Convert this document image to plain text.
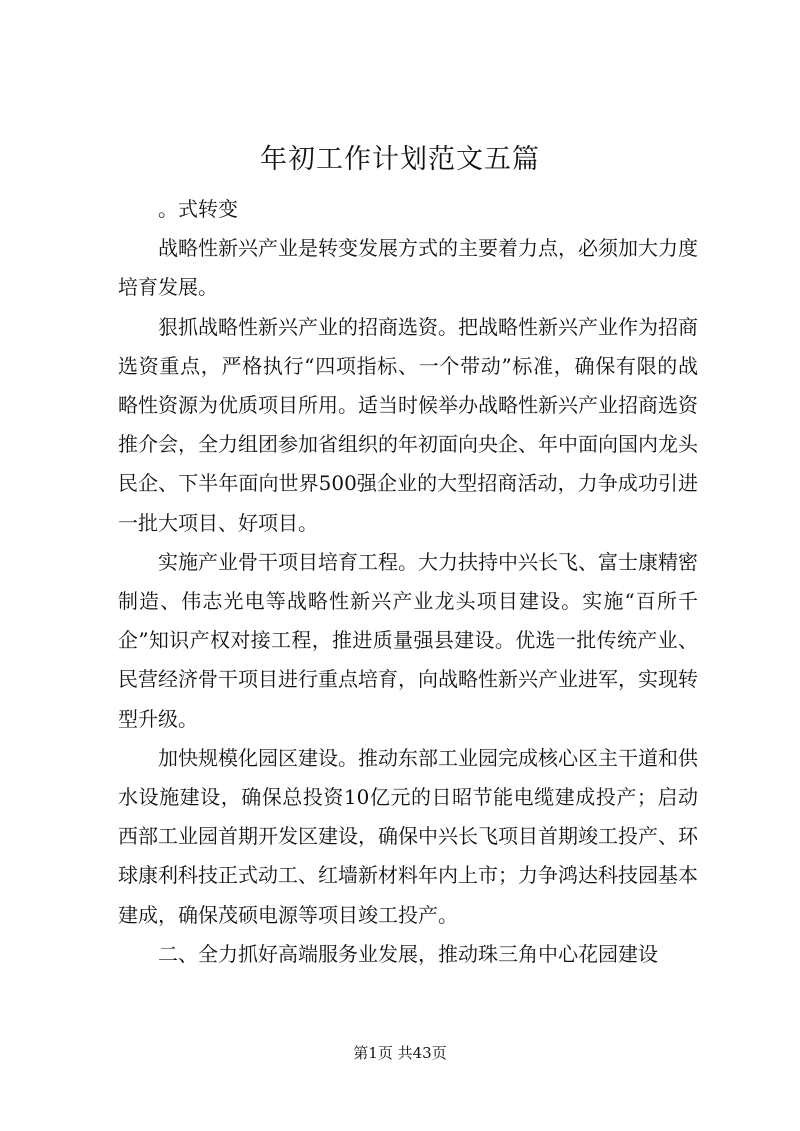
年初工作计划范文五篇

。式转变

战略性新兴产业是转变发展方式的主要着力点，必须加大力度培育发展。

狠抓战略性新兴产业的招商选资。把战略性新兴产业作为招商选资重点，严格执行“四项指标、一个带动”标准，确保有限的战略性资源为优质项目所用。适当时候举办战略性新兴产业招商选资推介会，全力组团参加省组织的年初面向央企、年中面向国内龙头民企、下半年面向世界500强企业的大型招商活动，力争成功引进一批大项目、好项目。

实施产业骨干项目培育工程。大力扶持中兴长飞、富士康精密制造、伟志光电等战略性新兴产业龙头项目建设。实施“百所千企”知识产权对接工程，推进质量强县建设。优选一批传统产业、民营经济骨干项目进行重点培育，向战略性新兴产业进军，实现转型升级。

加快规模化园区建设。推动东部工业园完成核心区主干道和供水设施建设，确保总投资10亿元的日昭节能电缆建成投产；启动西部工业园首期开发区建设，确保中兴长飞项目首期竣工投产、环球康利科技正式动工、红墙新材料年内上市；力争鸿达科技园基本建成，确保茂硕电源等项目竣工投产。

二、全力抓好高端服务业发展，推动珠三角中心花园建设

第1页 共43页
